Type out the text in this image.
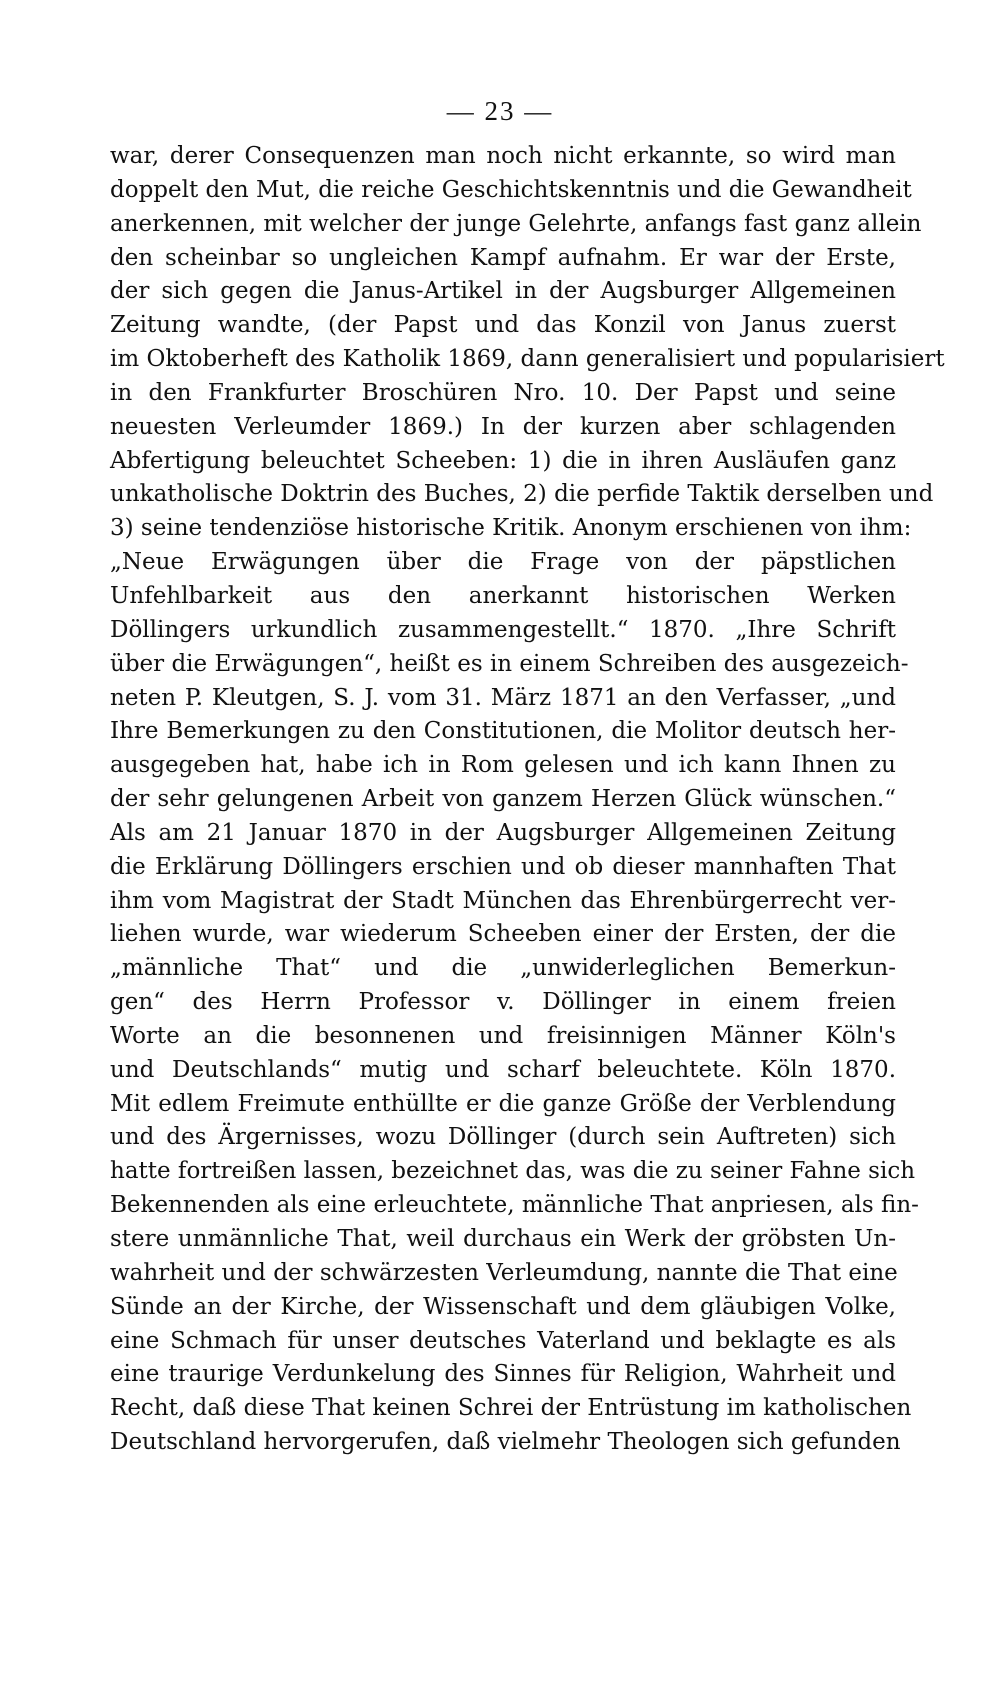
— 23 —
war, derer Consequenzen man noch nicht erkannte, so wird man
doppelt den Mut, die reiche Geschichtskenntnis und die Gewandheit
anerkennen, mit welcher der junge Gelehrte, anfangs fast ganz allein
den scheinbar so ungleichen Kampf aufnahm. Er war der Erste,
der sich gegen die Janus-Artikel in der Augsburger Allgemeinen
Zeitung wandte, (der Papst und das Konzil von Janus zuerst
im Oktoberheft des Katholik 1869, dann generalisiert und popularisiert
in den Frankfurter Broschüren Nro. 10. Der Papst und seine
neuesten Verleumder 1869.) In der kurzen aber schlagenden
Abfertigung beleuchtet Scheeben: 1) die in ihren Ausläufen ganz
unkatholische Doktrin des Buches, 2) die perfide Taktik derselben und
3) seine tendenziöse historische Kritik. Anonym erschienen von ihm:
„Neue Erwägungen über die Frage von der päpstlichen
Unfehlbarkeit aus den anerkannt historischen Werken
Döllingers urkundlich zusammengestellt.“ 1870. „Ihre Schrift
über die Erwägungen“, heißt es in einem Schreiben des ausgezeich-
neten P. Kleutgen, S. J. vom 31. März 1871 an den Verfasser, „und
Ihre Bemerkungen zu den Constitutionen, die Molitor deutsch her-
ausgegeben hat, habe ich in Rom gelesen und ich kann Ihnen zu
der sehr gelungenen Arbeit von ganzem Herzen Glück wünschen.“
Als am 21 Januar 1870 in der Augsburger Allgemeinen Zeitung
die Erklärung Döllingers erschien und ob dieser mannhaften That
ihm vom Magistrat der Stadt München das Ehrenbürgerrecht ver-
liehen wurde, war wiederum Scheeben einer der Ersten, der die
„männliche That“ und die „unwiderleglichen Bemerkun-
gen“ des Herrn Professor v. Döllinger in einem freien
Worte an die besonnenen und freisinnigen Männer Köln's
und Deutschlands“ mutig und scharf beleuchtete. Köln 1870.
Mit edlem Freimute enthüllte er die ganze Größe der Verblendung
und des Ärgernisses, wozu Döllinger (durch sein Auftreten) sich
hatte fortreißen lassen, bezeichnet das, was die zu seiner Fahne sich
Bekennenden als eine erleuchtete, männliche That anpriesen, als fin-
stere unmännliche That, weil durchaus ein Werk der gröbsten Un-
wahrheit und der schwärzesten Verleumdung, nannte die That eine
Sünde an der Kirche, der Wissenschaft und dem gläubigen Volke,
eine Schmach für unser deutsches Vaterland und beklagte es als
eine traurige Verdunkelung des Sinnes für Religion, Wahrheit und
Recht, daß diese That keinen Schrei der Entrüstung im katholischen
Deutschland hervorgerufen, daß vielmehr Theologen sich gefunden
